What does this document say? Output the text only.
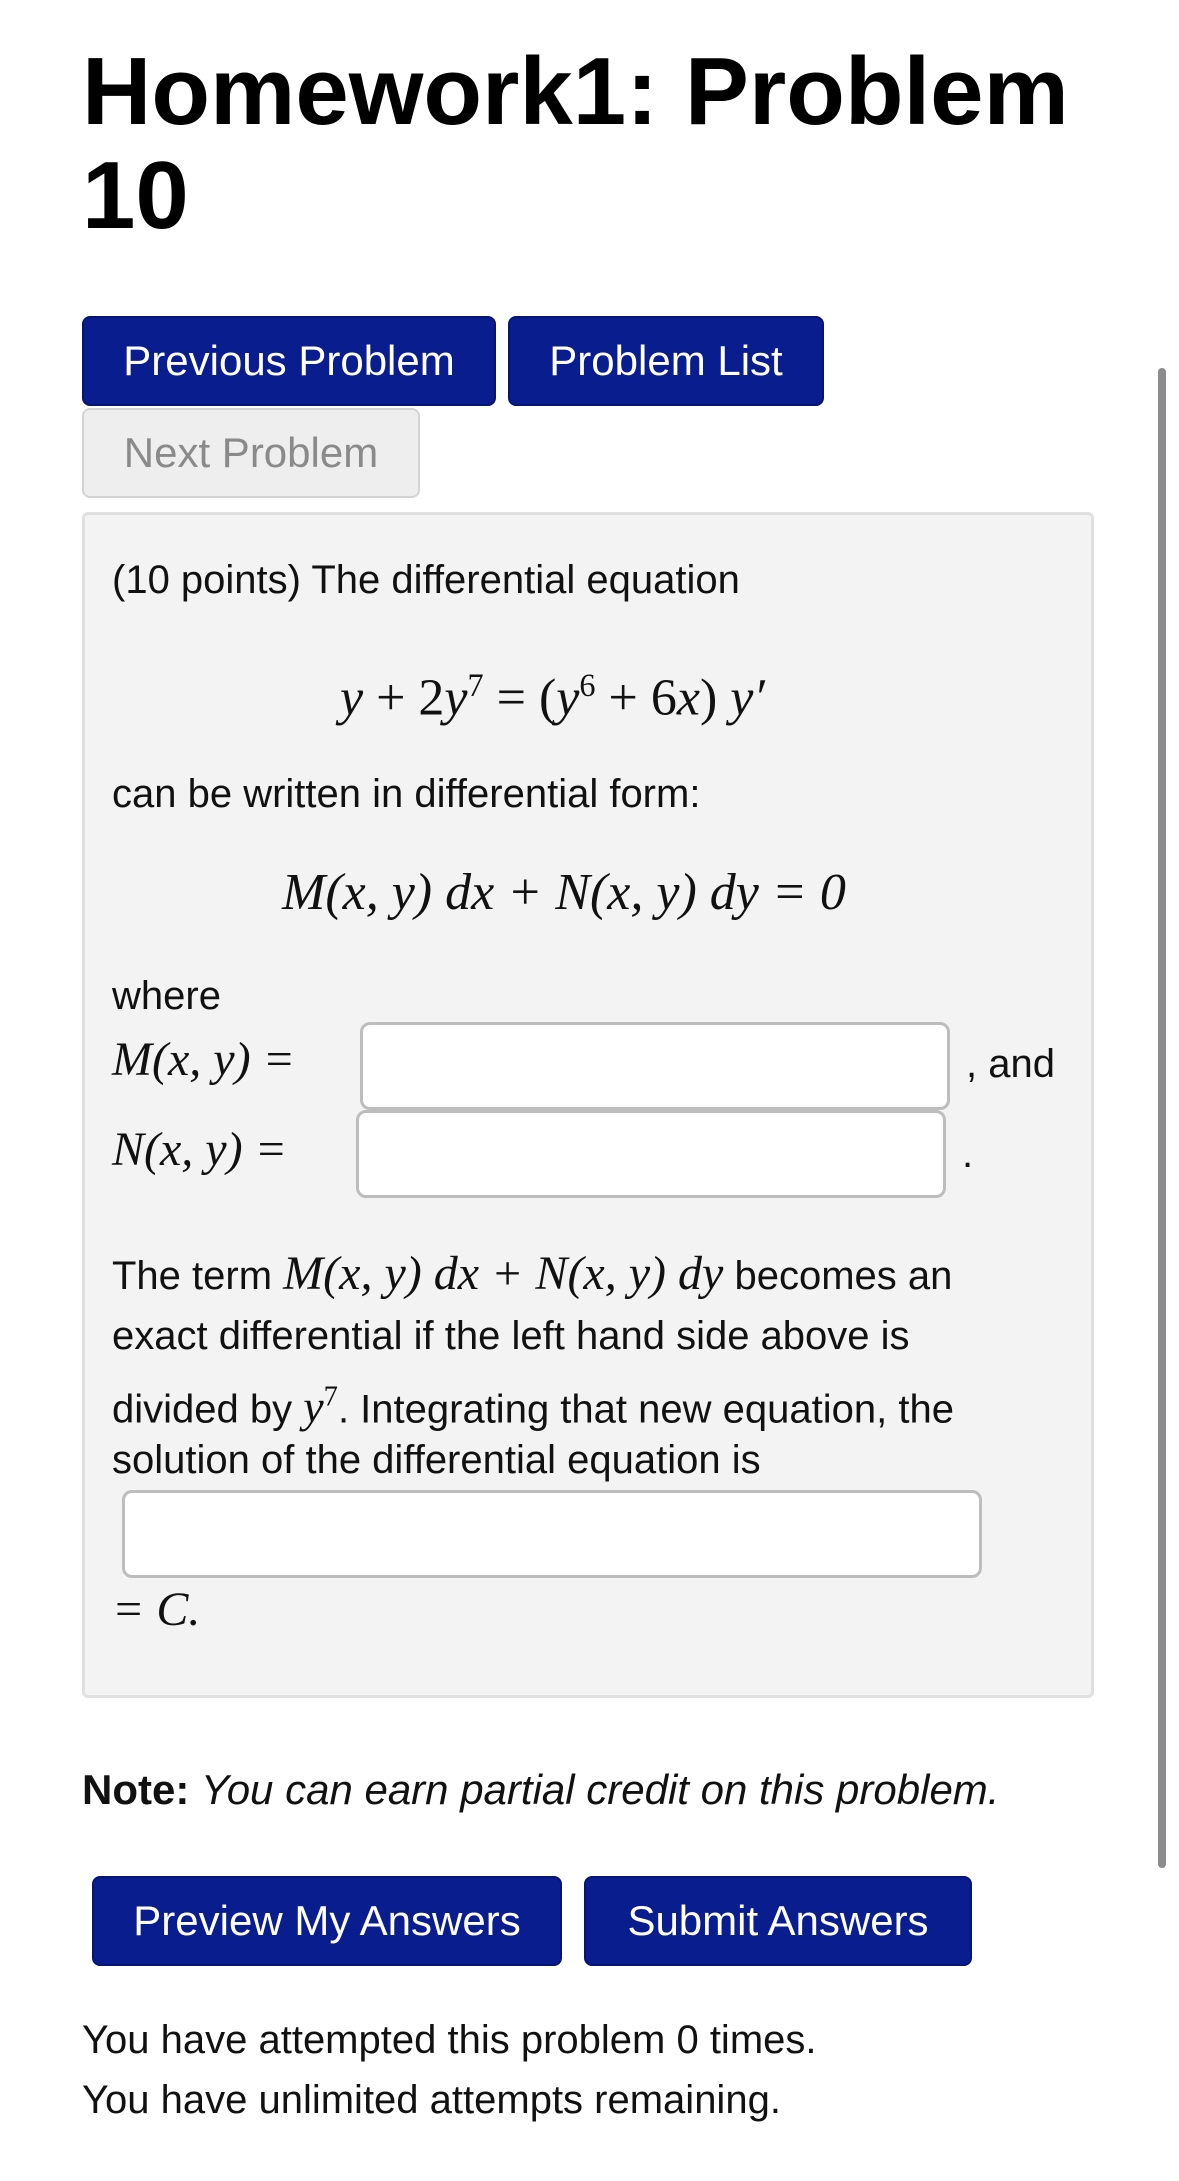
Homework1: Problem 10
Previous Problem	Problem List
Next Problem
(10 points) The differential equation
$y + 2y^7 = (y^6 + 6x)$ y′
can be written in differential form:
M(x, y) dx + N(x, y) dy = 0
where
M(x, y) =	, and
N(x, y) =	.
The term M(x, y) dx + N(x, y) dy becomes an
exact differential if the left hand side above is
divided by $y^7$. Integrating that new equation, the
solution of the differential equation is
= C.
Note: You can earn partial credit on this problem.
Preview My Answers	Submit Answers
You have attempted this problem 0 times.
You have unlimited attempts remaining.
